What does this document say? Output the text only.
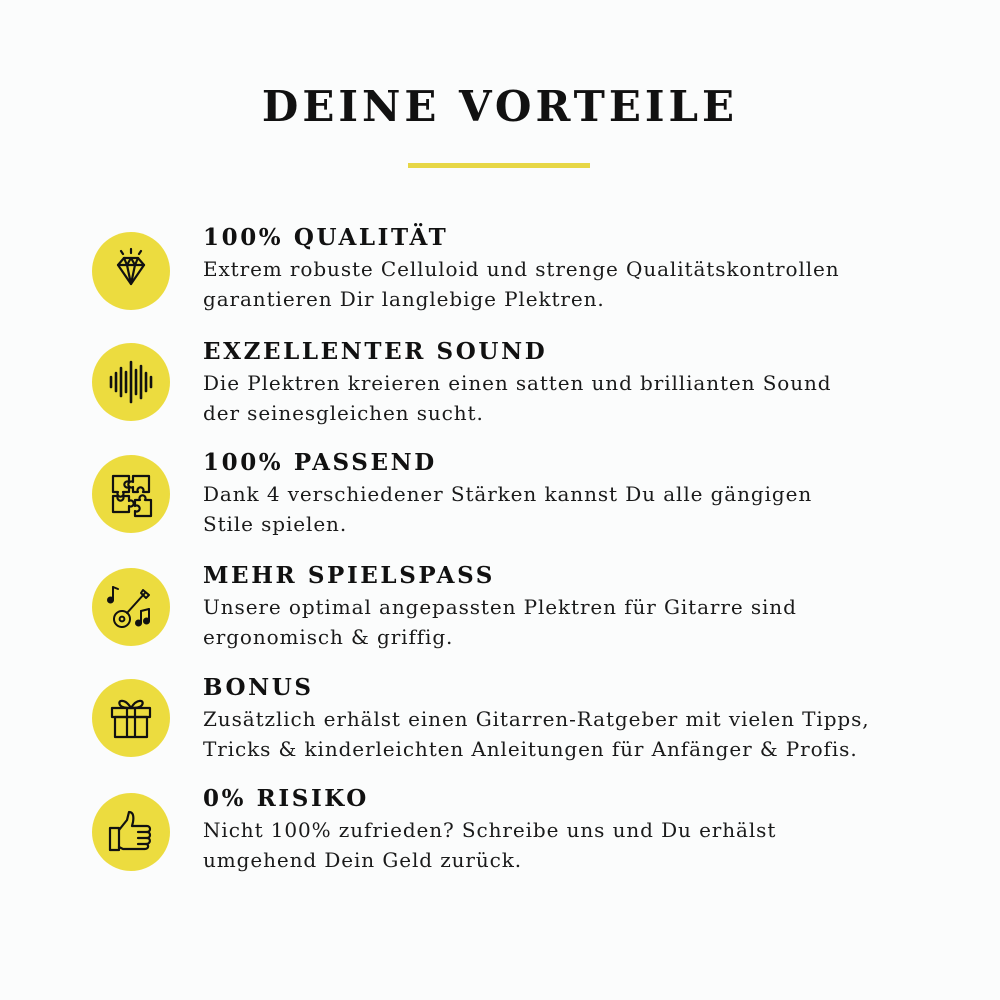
DEINE VORTEILE
100% QUALITÄT

Extrem robuste Celluloid und strenge Qualitätskontrollen
garantieren Dir langlebige Plektren.

EXZELLENTER SOUND

Die Plektren kreieren einen satten und brillianten Sound
der seinesgleichen sucht.

100% PASSEND

Dank 4 verschiedener Stärken kannst Du alle gängigen
Stile spielen.

MEHR SPIELSPASS

Unsere optimal angepassten Plektren für Gitarre sind
ergonomisch & griffig.

BONUS

Zusätzlich erhälst einen Gitarren-Ratgeber mit vielen Tipps,
Tricks & kinderleichten Anleitungen für Anfänger & Profis.

0% RISIKO

Nicht 100% zufrieden? Schreibe uns und Du erhälst
umgehend Dein Geld zurück.
